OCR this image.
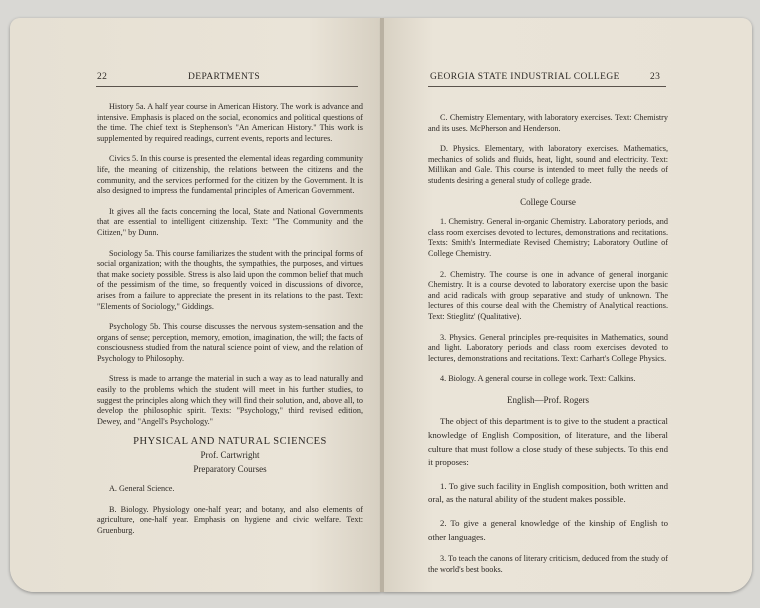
22	DEPARTMENTS

History 5a. A half year course in American History. The work is advance and intensive. Emphasis is placed on the social, economics and political questions of the time. The chief text is Stephenson's "An American History." This work is supplemented by required readings, current events, reports and lectures.

Civics 5. In this course is presented the elemental ideas regarding community life, the meaning of citizenship, the relations between the citizens and the community, and the services performed for the citizen by the Government. It is also designed to impress the fundamental principles of American Government.

It gives all the facts concerning the local, State and National Governments that are essential to intelligent citizenship. Text: "The Community and the Citizen," by Dunn.

Sociology 5a. This course familiarizes the student with the principal forms of social organization; with the thoughts, the sympathies, the purposes, and virtues that make society possible. Stress is also laid upon the common belief that much of the pessimism of the time, so frequently voiced in discussions of divorce, arises from a failure to appreciate the present in its relations to the past. Text: "Elements of Sociology," Giddings.

Psychology 5b. This course discusses the nervous system-sensation and the organs of sense; perception, memory, emotion, imagination, the will; the facts of consciousness studied from the natural science point of view, and the relation of Psychology to Philosophy.

Stress is made to arrange the material in such a way as to lead naturally and easily to the problems which the student will meet in his further studies, to suggest the principles along which they will find their solution, and, above all, to develop the philosophic spirit. Texts: "Psychology," third revised edition, Dewey, and "Angell's Psychology."

PHYSICAL AND NATURAL SCIENCES
Prof. Cartwright
Preparatory Courses

A. General Science.

B. Biology. Physiology one-half year; and botany, and also elements of agriculture, one-half year. Emphasis on hygiene and civic welfare. Text: Gruenburg.

GEORGIA STATE INDUSTRIAL COLLEGE	23

C. Chemistry Elementary, with laboratory exercises. Text: Chemistry and its uses. McPherson and Henderson.

D. Physics. Elementary, with laboratory exercises. Mathematics, mechanics of solids and fluids, heat, light, sound and electricity. Text: Millikan and Gale. This course is intended to meet fully the needs of students desiring a general study of college grade.

College Course

1. Chemistry. General in-organic Chemistry. Laboratory periods, and class room exercises devoted to lectures, demonstrations and recitations. Texts: Smith's Intermediate Revised Chemistry; Laboratory Outline of College Chemistry.

2. Chemistry. The course is one in advance of general inorganic Chemistry. It is a course devoted to laboratory exercise upon the basic and acid radicals with group separative and study of unknown. The lectures of this course deal with the Chemistry of Analytical reactions. Text: Stieglitz' (Qualitative).

3. Physics. General principles pre-requisites in Mathematics, sound and light. Laboratory periods and class room exercises devoted to lectures, demonstrations and recitations. Text: Carhart's College Physics.

4. Biology. A general course in college work. Text: Calkins.

English—Prof. Rogers

The object of this department is to give to the student a practical knowledge of English Composition, of literature, and the liberal culture that must follow a close study of these subjects. To this end it proposes:

1. To give such facility in English composition, both written and oral, as the natural ability of the student makes possible.

2. To give a general knowledge of the kinship of English to other languages.

3. To teach the canons of literary criticism, deduced from the study of the world's best books.
